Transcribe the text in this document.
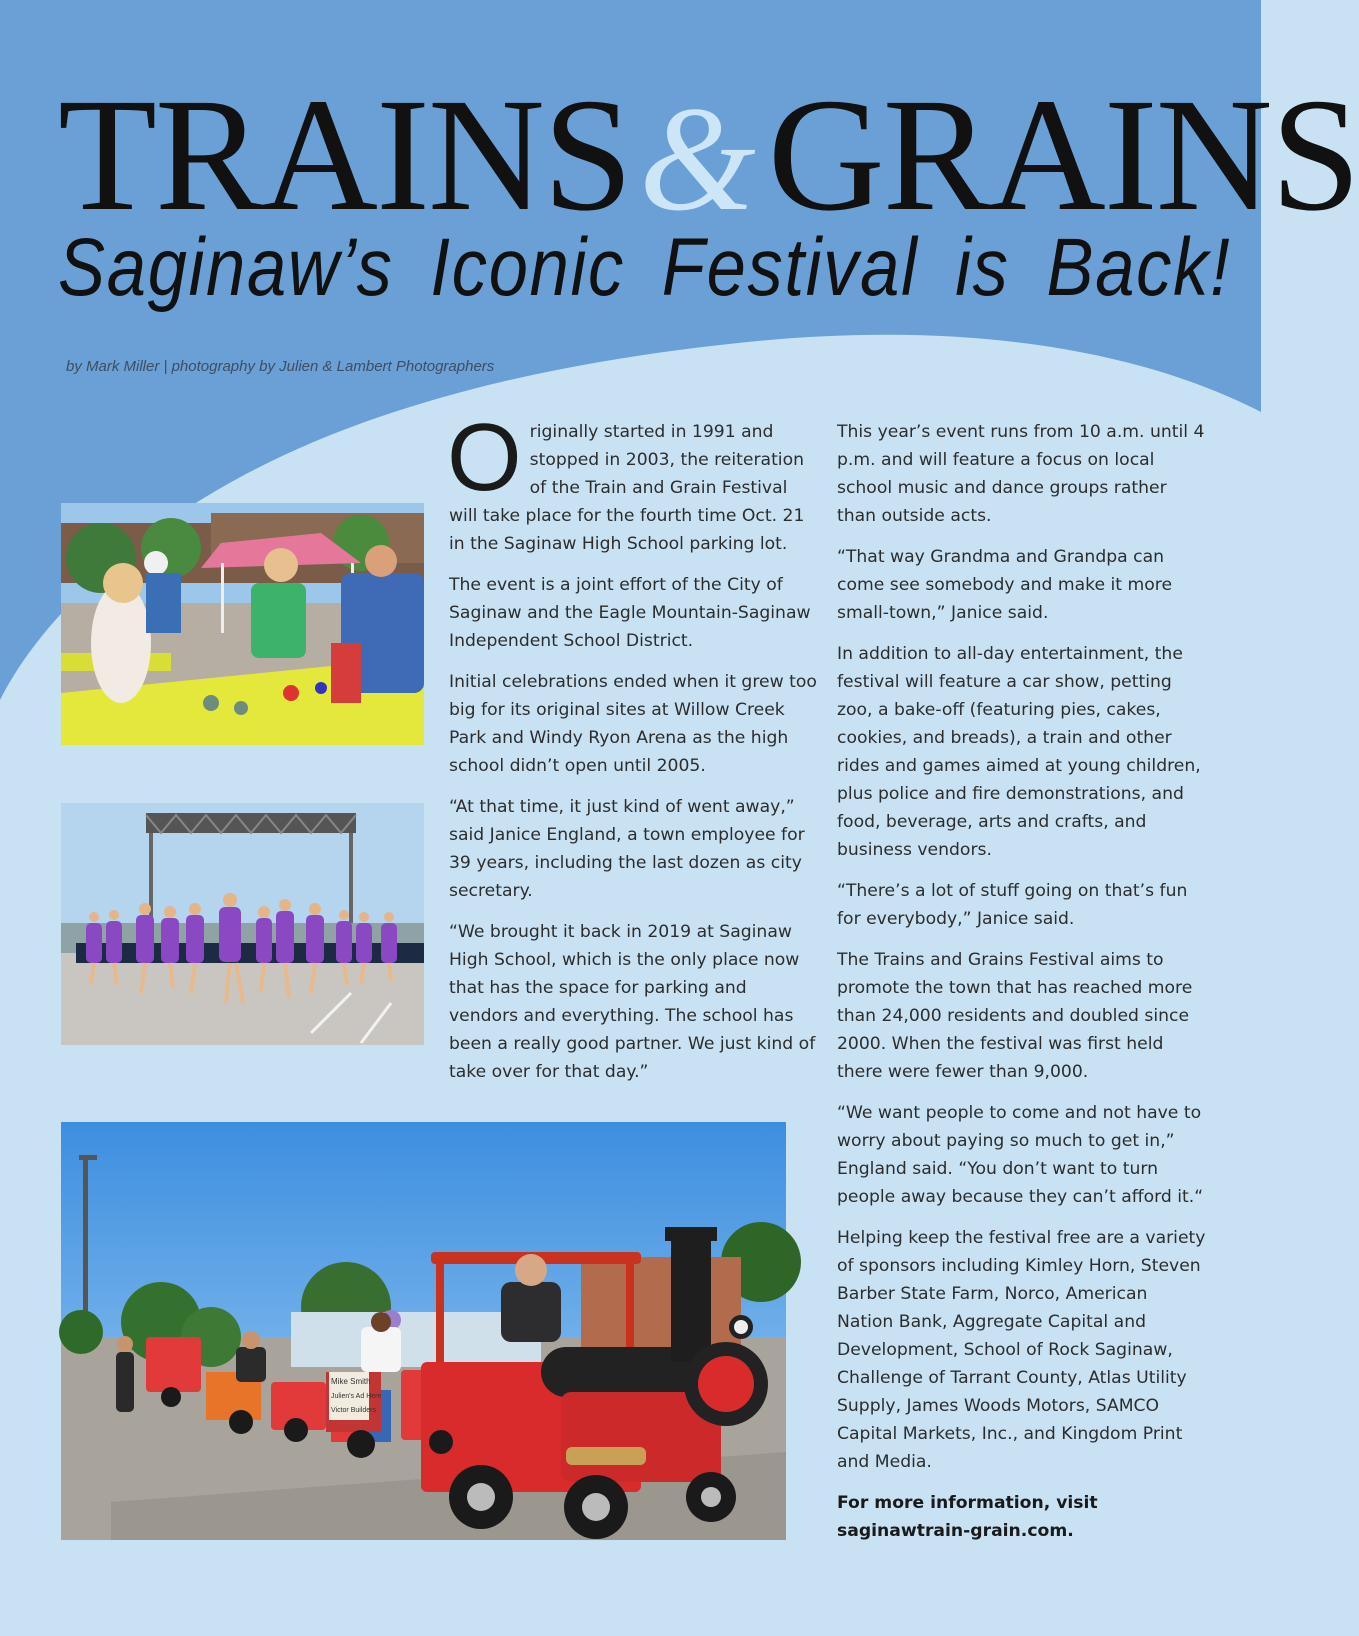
TRAINS&GRAINS
Saginaw’s Iconic Festival is Back!
by Mark Miller | photography by Julien & Lambert Photographers
Mike Smith
Julien's Ad Here
Victor Builders

Originally started in 1991 and stopped in 2003, the reiteration of the Train and Grain Festival will take place for the fourth time Oct. 21 in the Saginaw High School parking lot.

The event is a joint effort of the City of Saginaw and the Eagle Mountain-Saginaw Independent School District.

Initial celebrations ended when it grew too big for its original sites at Willow Creek Park and Windy Ryon Arena as the high school didn’t open until 2005.

“At that time, it just kind of went away,” said Janice England, a town employee for 39 years, including the last dozen as city secretary.

“We brought it back in 2019 at Saginaw High School, which is the only place now that has the space for parking and vendors and everything. The school has been a really good partner. We just kind of take over for that day.”

This year’s event runs from 10 a.m. until 4 p.m. and will feature a focus on local school music and dance groups rather than outside acts.

“That way Grandma and Grandpa can come see somebody and make it more small-town,” Janice said.

In addition to all-day entertainment, the festival will feature a car show, petting zoo, a bake-off (featuring pies, cakes, cookies, and breads), a train and other rides and games aimed at young children, plus police and fire demonstrations, and food, beverage, arts and crafts, and business vendors.

“There’s a lot of stuff going on that’s fun for everybody,” Janice said.

The Trains and Grains Festival aims to promote the town that has reached more than 24,000 residents and doubled since 2000. When the festival was first held there were fewer than 9,000.

“We want people to come and not have to worry about paying so much to get in,” England said. “You don’t want to turn people away because they can’t afford it.“

Helping keep the festival free are a variety of sponsors including Kimley Horn, Steven Barber State Farm, Norco, American Nation Bank, Aggregate Capital and Development, School of Rock Saginaw, Challenge of Tarrant County, Atlas Utility Supply, James Woods Motors, SAMCO Capital Markets, Inc., and Kingdom Print and Media.

For more information, visit saginawtrain-grain.com.
